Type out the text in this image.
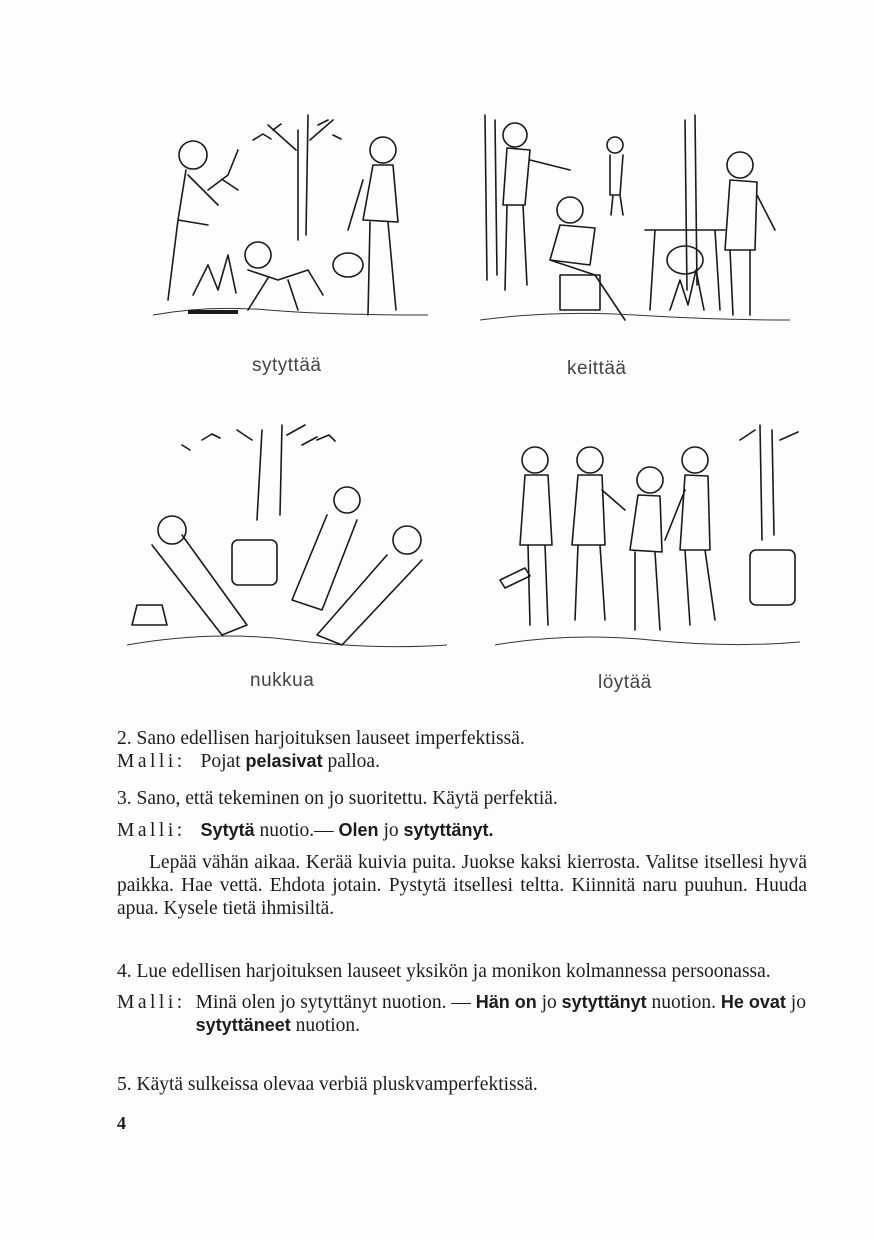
sytyttää	keittää
nukkua	löytää

2. Sano edellisen harjoituksen lauseet imperfektissä.

Malli: Pojat pelasivat palloa.

3. Sano, että tekeminen on jo suoritettu. Käytä perfektiä.

Malli: Sytytä nuotio.— Olen jo sytyttänyt.

Lepää vähän aikaa. Kerää kuivia puita. Juokse kaksi kierrosta. Valitse itsellesi hyvä paikka. Hae vettä. Ehdota jotain. Pystytä itsellesi teltta. Kiinnitä naru puuhun. Huuda apua. Kysele tietä ihmisiltä.

4. Lue edellisen harjoituksen lauseet yksikön ja monikon kolmannessa persoonassa.

Malli: Minä olen jo sytyttänyt nuotion. — Hän on jo sytyttänyt nuotion. He ovat jo sytyttäneet nuotion.

5. Käytä sulkeissa olevaa verbiä pluskvamperfektissä.

4
